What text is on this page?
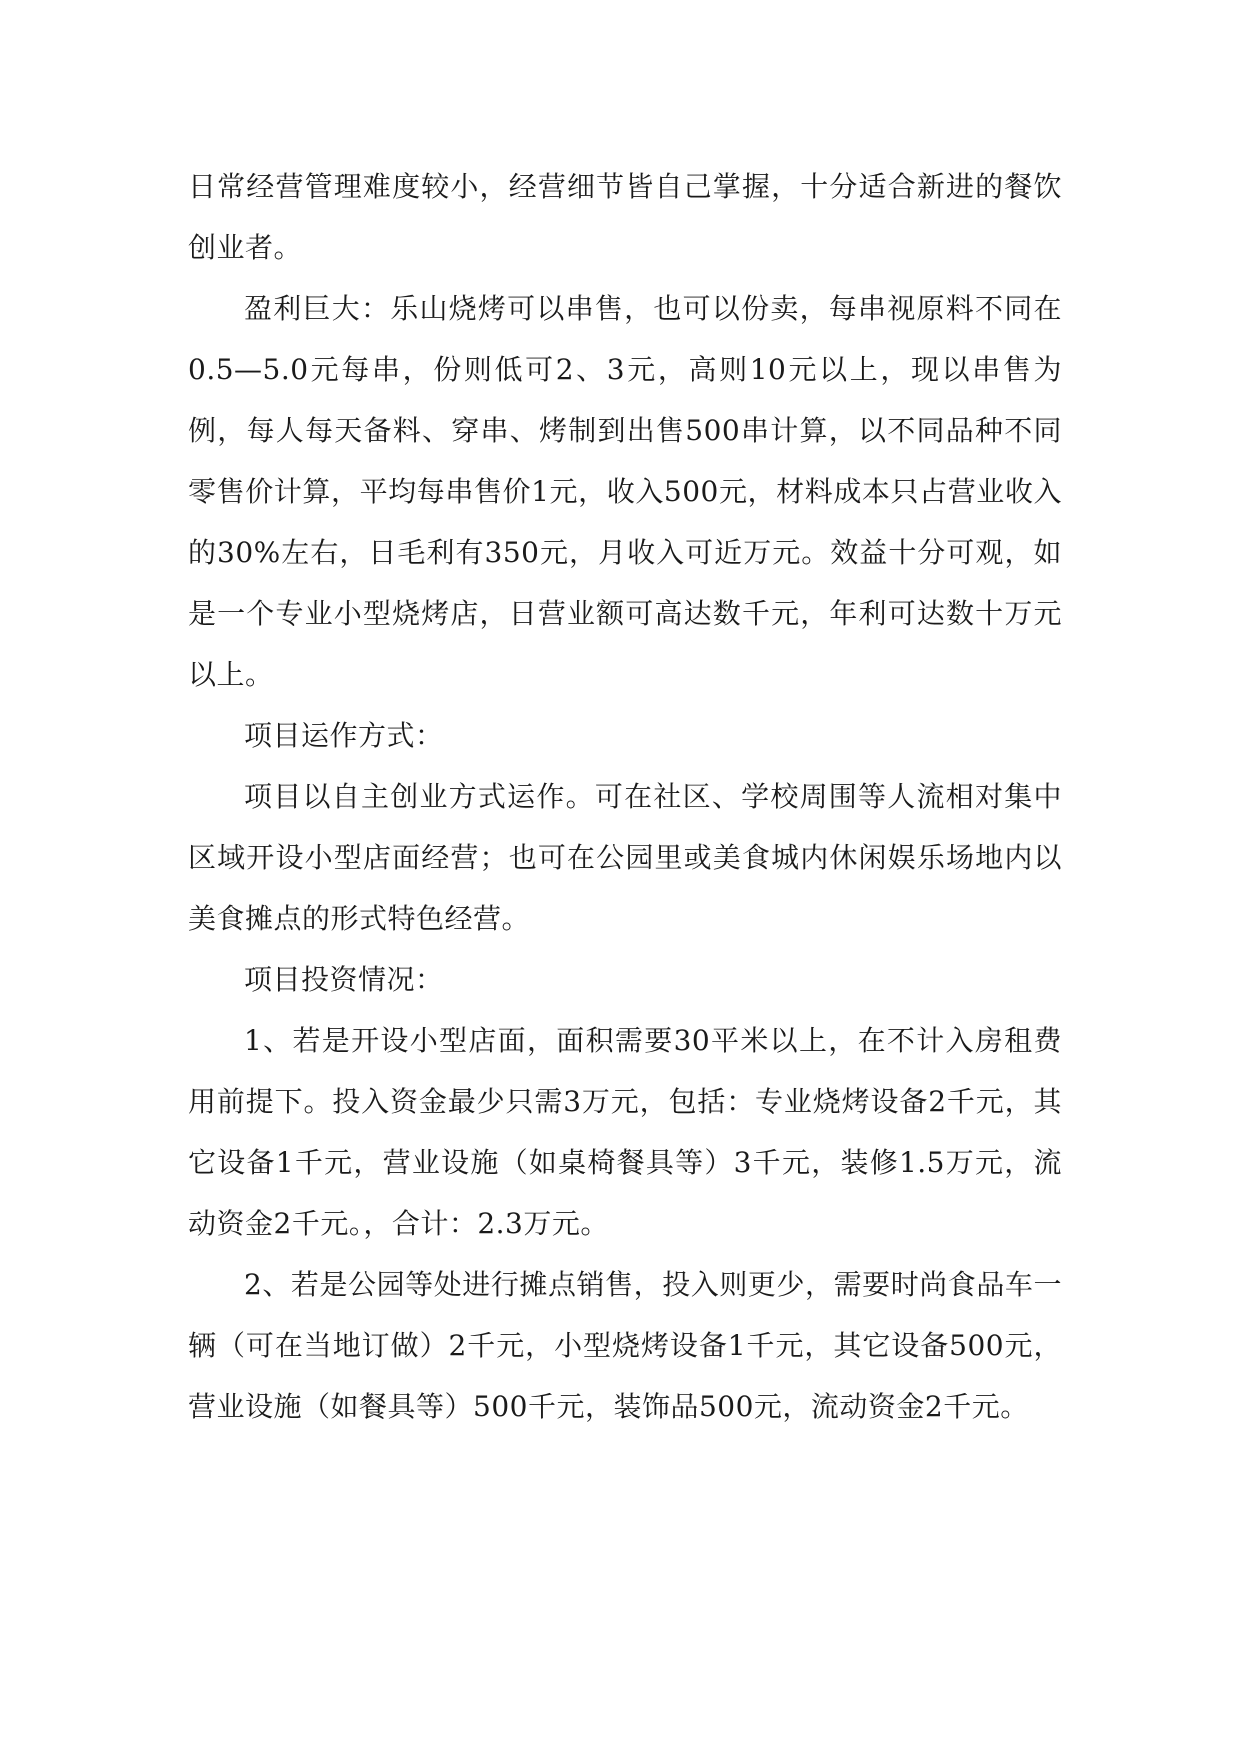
日常经营管理难度较小，经营细节皆自己掌握，十分适合新进的餐饮创业者。

盈利巨大：乐山烧烤可以串售，也可以份卖，每串视原料不同在0.5—5.0元每串，份则低可2、3元，高则10元以上，现以串售为例，每人每天备料、穿串、烤制到出售500串计算，以不同品种不同零售价计算，平均每串售价1元，收入500元，材料成本只占营业收入的30%左右，日毛利有350元，月收入可近万元。效益十分可观，如是一个专业小型烧烤店，日营业额可高达数千元，年利可达数十万元以上。

项目运作方式：

项目以自主创业方式运作。可在社区、学校周围等人流相对集中区域开设小型店面经营；也可在公园里或美食城内休闲娱乐场地内以美食摊点的形式特色经营。

项目投资情况：

1、若是开设小型店面，面积需要30平米以上，在不计入房租费用前提下。投入资金最少只需3万元，包括：专业烧烤设备2千元，其它设备1千元，营业设施（如桌椅餐具等）3千元，装修1.5万元，流动资金2千元。，合计：2.3万元。

2、若是公园等处进行摊点销售，投入则更少，需要时尚食品车一辆（可在当地订做）2千元，小型烧烤设备1千元，其它设备500元，营业设施（如餐具等）500千元，装饰品500元，流动资金2千元。
